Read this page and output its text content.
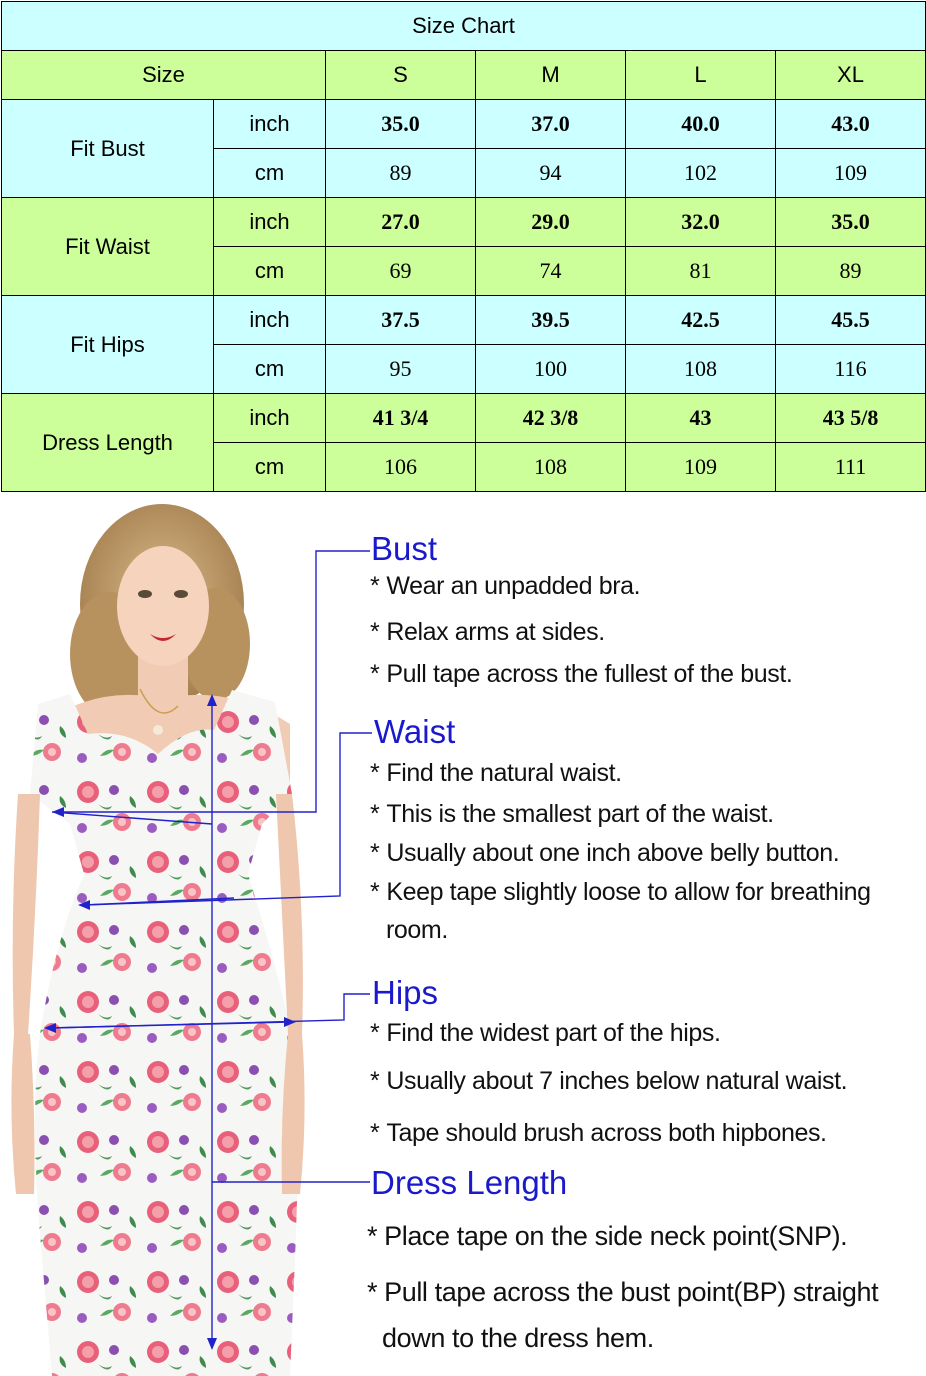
Size Chart					
Size		S	M	L	XL
Fit Bust	inch	35.0	37.0	40.0	43.0
	cm	89	94	102	109
Fit Waist	inch	27.0	29.0	32.0	35.0
	cm	69	74	81	89
Fit Hips	inch	37.5	39.5	42.5	45.5
	cm	95	100	108	116
Dress Length	inch	41 3/4	42 3/8	43	43 5/8
	cm	106	108	109	111
Bust
* Wear an unpadded bra.
* Relax arms at sides.
* Pull tape across the fullest of the bust.
Waist
* Find the natural waist.
* This is the smallest part of the waist.
* Usually about one inch above belly button.
* Keep tape slightly loose to allow for breathing
room.
Hips
* Find the widest part of the hips.
* Usually about 7 inches below natural waist.
* Tape should brush across both hipbones.
Dress Length
* Place tape on the side neck point(SNP).
* Pull tape across the bust point(BP) straight
down to the dress hem.
